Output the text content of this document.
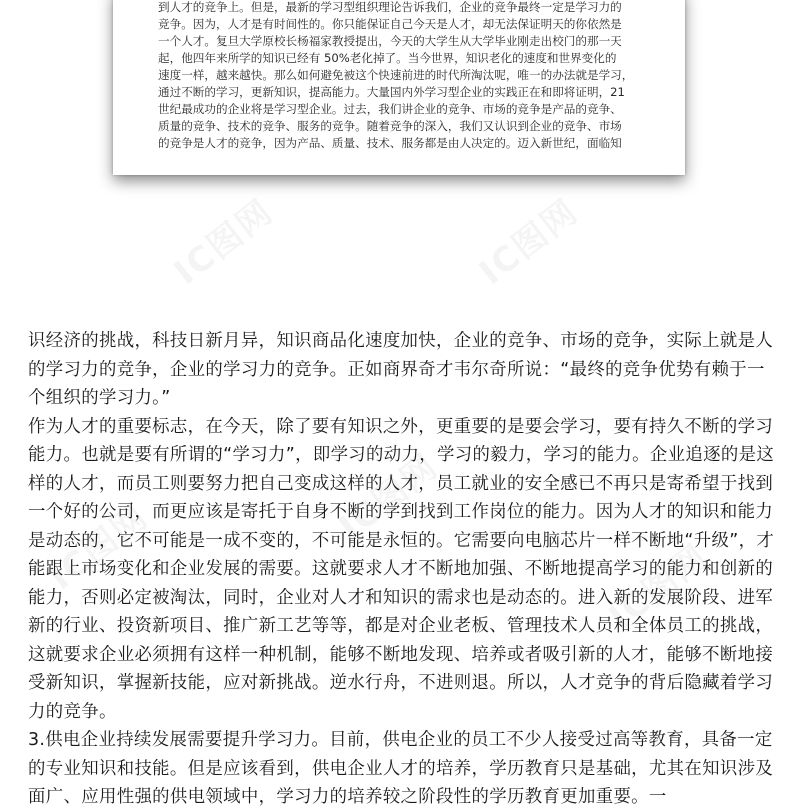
到人才的竞争上。但是，最新的学习型组织理论告诉我们，企业的竞争最终一定是学习力的

竞争。因为，人才是有时间性的。你只能保证自己今天是人才，却无法保证明天的你依然是

一个人才。复旦大学原校长杨福家教授提出，今天的大学生从大学毕业刚走出校门的那一天

起，他四年来所学的知识已经有 50%老化掉了。当今世界，知识老化的速度和世界变化的

速度一样，越来越快。那么如何避免被这个快速前进的时代所淘汰呢，唯一的办法就是学习，

通过不断的学习，更新知识，提高能力。大量国内外学习型企业的实践正在和即将证明，21

世纪最成功的企业将是学习型企业。过去，我们讲企业的竞争、市场的竞争是产品的竞争、

质量的竞争、技术的竞争、服务的竞争。随着竞争的深入，我们又认识到企业的竞争、市场

的竞争是人才的竞争，因为产品、质量、技术、服务都是由人决定的。迈入新世纪，面临知

识经济的挑战，科技日新月异，知识商品化速度加快，企业的竞争、市场的竞争，实际上就是人的学习力的竞争，企业的学习力的竞争。正如商界奇才韦尔奇所说：“最终的竞争优势有赖于一个组织的学习力。”

作为人才的重要标志，在今天，除了要有知识之外，更重要的是要会学习，要有持久不断的学习能力。也就是要有所谓的“学习力”，即学习的动力，学习的毅力，学习的能力。企业追逐的是这样的人才，而员工则要努力把自己变成这样的人才，员工就业的安全感已不再只是寄希望于找到一个好的公司，而更应该是寄托于自身不断的学到找到工作岗位的能力。因为人才的知识和能力是动态的，它不可能是一成不变的，不可能是永恒的。它需要向电脑芯片一样不断地“升级”，才能跟上市场变化和企业发展的需要。这就要求人才不断地加强、不断地提高学习的能力和创新的能力，否则必定被淘汰，同时，企业对人才和知识的需求也是动态的。进入新的发展阶段、进军新的行业、投资新项目、推广新工艺等等，都是对企业老板、管理技术人员和全体员工的挑战，这就要求企业必须拥有这样一种机制，能够不断地发现、培养或者吸引新的人才，能够不断地接受新知识，掌握新技能，应对新挑战。逆水行舟，不进则退。所以，人才竞争的背后隐藏着学习力的竞争。

3.供电企业持续发展需要提升学习力。目前，供电企业的员工不少人接受过高等教育，具备一定的专业知识和技能。但是应该看到，供电企业人才的培养，学历教育只是基础，尤其在知识涉及面广、应用性强的供电领域中，学习力的培养较之阶段性的学历教育更加重要。一
